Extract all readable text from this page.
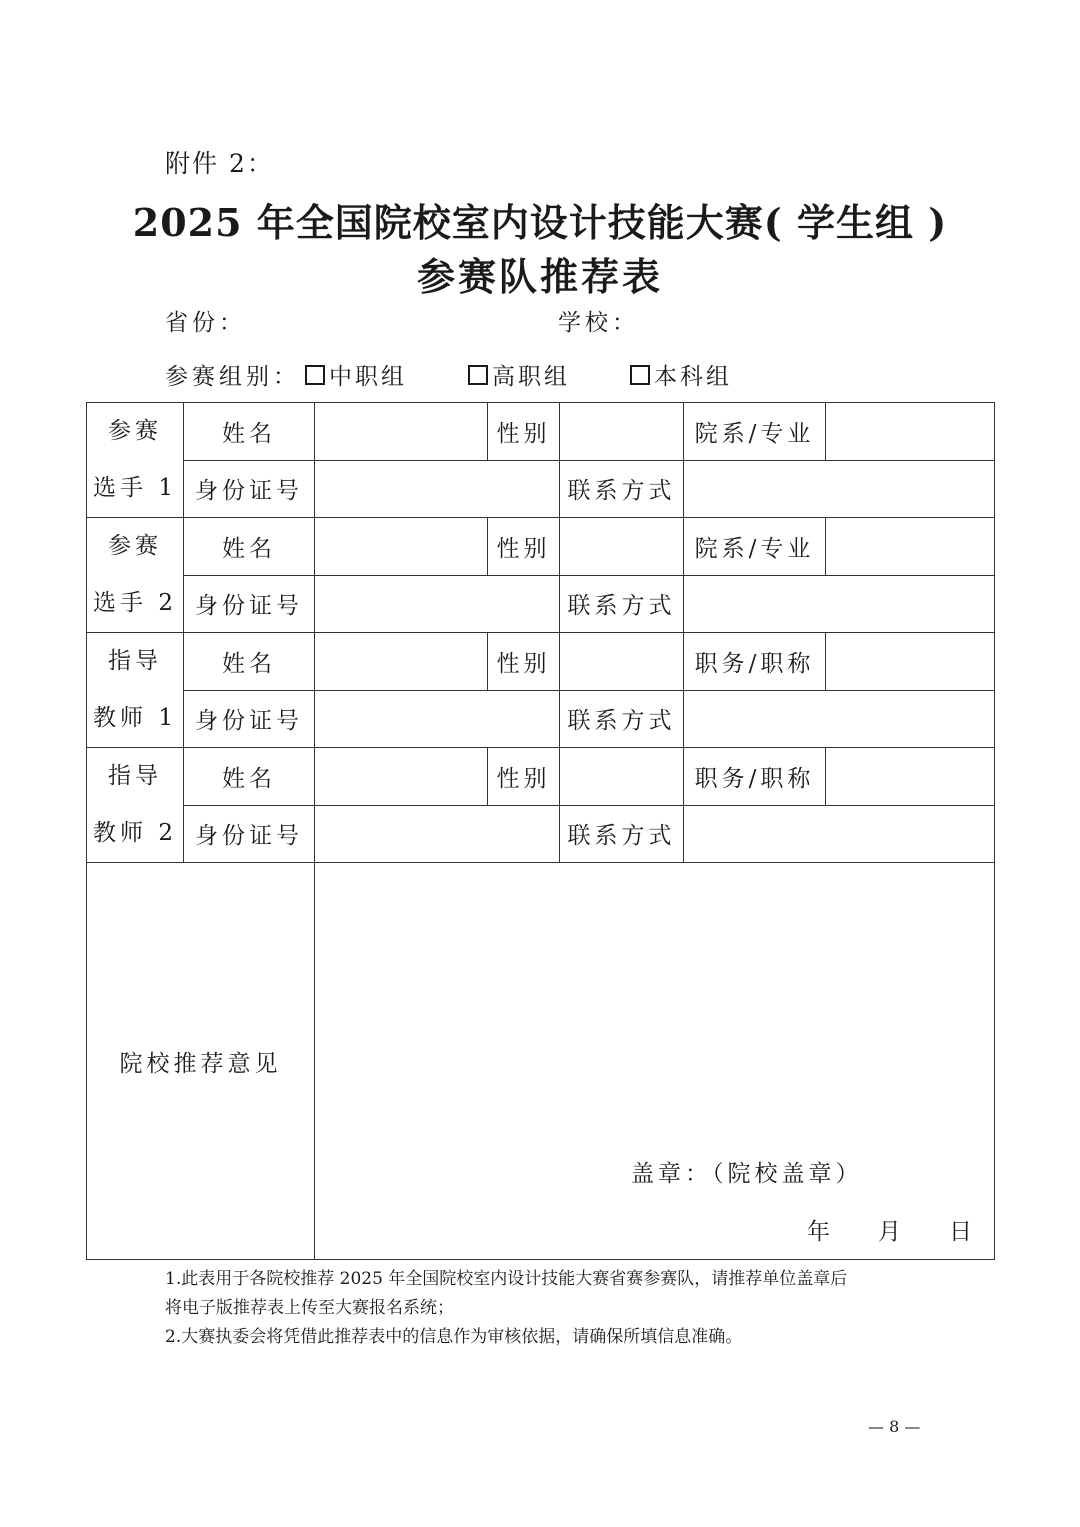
附件 2：
2025 年全国院校室内设计技能大赛( 学生组 )
参赛队推荐表
省份：	学校：
参赛组别： 中职组	高职组	本科组
参赛
选手 1	姓名		性别		院系/专业	
	身份证号			联系方式		
参赛
选手 2	姓名		性别		院系/专业	
	身份证号			联系方式		
指导
教师 1	姓名		性别		职务/职称	
	身份证号			联系方式		
指导
教师 2	姓名		性别		职务/职称	
	身份证号			联系方式		
院校推荐意见		盖章：（院校盖章）
年 月 日				
1.此表用于各院校推荐 2025 年全国院校室内设计技能大赛省赛参赛队，请推荐单位盖章后
将电子版推荐表上传至大赛报名系统；
2.大赛执委会将凭借此推荐表中的信息作为审核依据，请确保所填信息准确。
— 8 —
